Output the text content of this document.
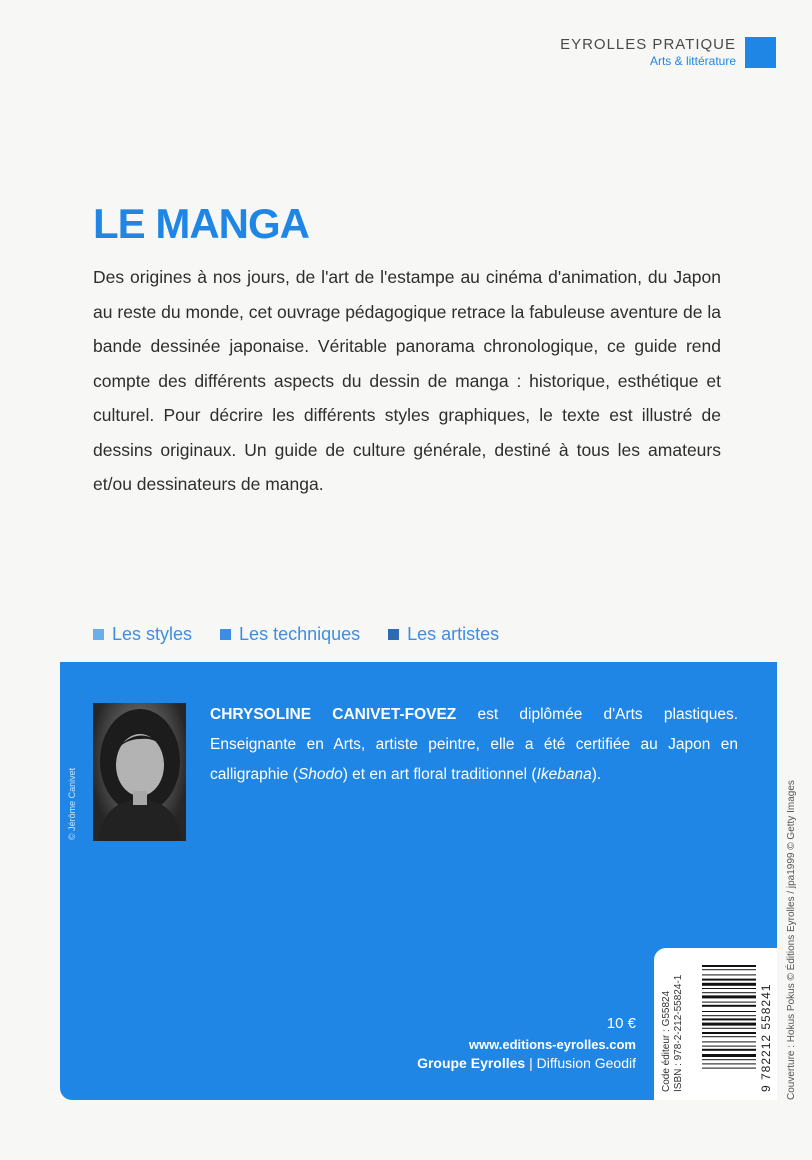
EYROLLES PRATIQUE
Arts & littérature
LE MANGA

Des origines à nos jours, de l'art de l'estampe au cinéma d'animation, du Japon au reste du monde, cet ouvrage pédagogique retrace la fabuleuse aventure de la bande dessinée japonaise. Véritable panorama chronologique, ce guide rend compte des différents aspects du dessin de manga : historique, esthétique et culturel. Pour décrire les différents styles graphiques, le texte est illustré de dessins originaux. Un guide de culture générale, destiné à tous les amateurs et/ou dessinateurs de manga.

Les styles	Les techniques	Les artistes
© Jérôme Canivet

CHRYSOLINE CANIVET-FOVEZ est diplômée d'Arts plastiques. Enseignante en Arts, artiste peintre, elle a été certifiée au Japon en calligraphie (Shodo) et en art floral traditionnel (Ikebana).

10 €
www.editions-eyrolles.com
Groupe Eyrolles | Diffusion Geodif	Code éditeur : G55824 ISBN : 978-2-212-55824-1	9 782212 558241 Couverture : Hokus Pokus © Éditions Eyrolles / jpa1999 © Getty Images
